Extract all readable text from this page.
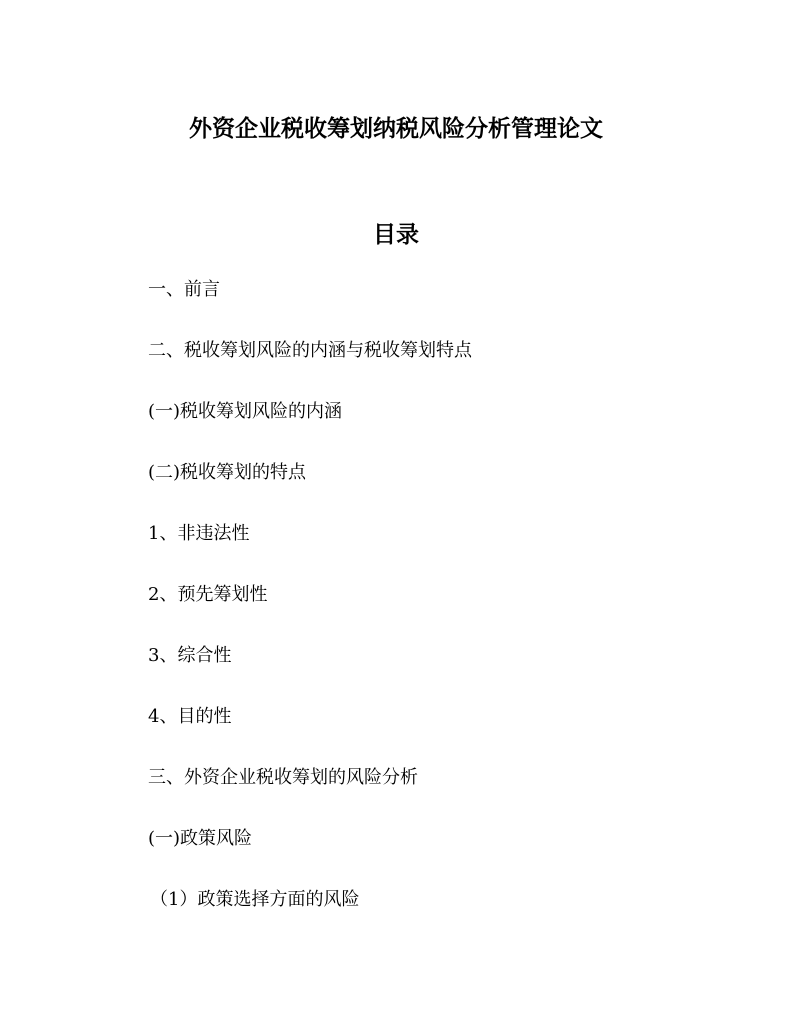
外资企业税收筹划纳税风险分析管理论文
目录
一、前言
二、税收筹划风险的内涵与税收筹划特点
(一)税收筹划风险的内涵
(二)税收筹划的特点
1、非违法性
2、预先筹划性
3、综合性
4、目的性
三、外资企业税收筹划的风险分析
(一)政策风险
（1）政策选择方面的风险
